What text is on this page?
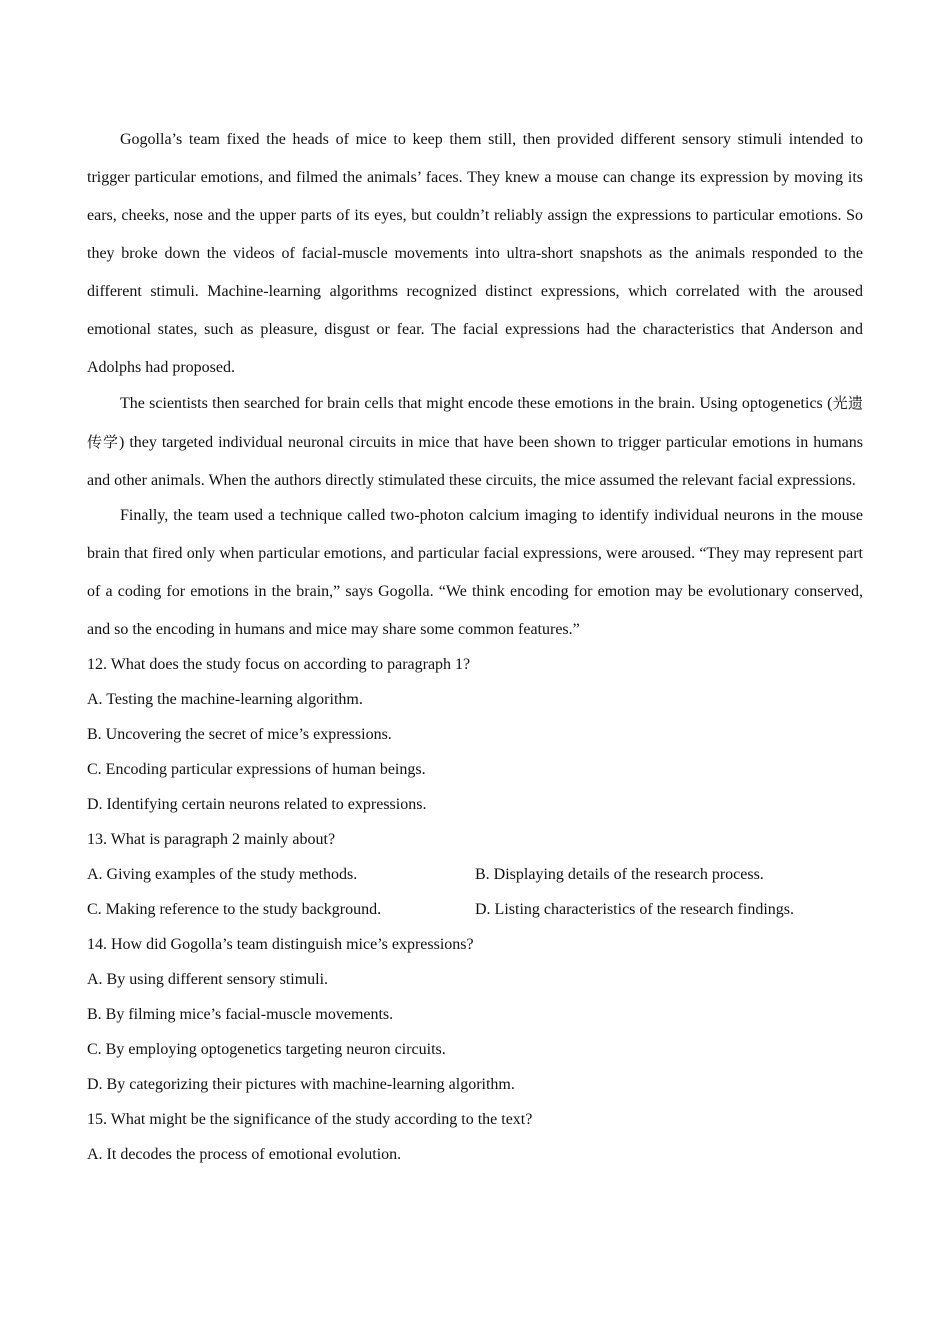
Gogolla’s team fixed the heads of mice to keep them still, then provided different sensory stimuli intended to trigger particular emotions, and filmed the animals’ faces. They knew a mouse can change its expression by moving its ears, cheeks, nose and the upper parts of its eyes, but couldn’t reliably assign the expressions to particular emotions. So they broke down the videos of facial-muscle movements into ultra-short snapshots as the animals responded to the different stimuli. Machine-learning algorithms recognized distinct expressions, which correlated with the aroused emotional states, such as pleasure, disgust or fear. The facial expressions had the characteristics that Anderson and Adolphs had proposed.

The scientists then searched for brain cells that might encode these emotions in the brain. Using optogenetics (光遗传学) they targeted individual neuronal circuits in mice that have been shown to trigger particular emotions in humans and other animals. When the authors directly stimulated these circuits, the mice assumed the relevant facial expressions.

Finally, the team used a technique called two-photon calcium imaging to identify individual neurons in the mouse brain that fired only when particular emotions, and particular facial expressions, were aroused. “They may represent part of a coding for emotions in the brain,” says Gogolla. “We think encoding for emotion may be evolutionary conserved, and so the encoding in humans and mice may share some common features.”

12. What does the study focus on according to paragraph 1?

A. Testing the machine-learning algorithm.

B. Uncovering the secret of mice’s expressions.

C. Encoding particular expressions of human beings.

D. Identifying certain neurons related to expressions.

13. What is paragraph 2 mainly about?

A. Giving examples of the study methods.	B. Displaying details of the research process.
C. Making reference to the study background.	D. Listing characteristics of the research findings.

14. How did Gogolla’s team distinguish mice’s expressions?

A. By using different sensory stimuli.

B. By filming mice’s facial-muscle movements.

C. By employing optogenetics targeting neuron circuits.

D. By categorizing their pictures with machine-learning algorithm.

15. What might be the significance of the study according to the text?

A. It decodes the process of emotional evolution.
